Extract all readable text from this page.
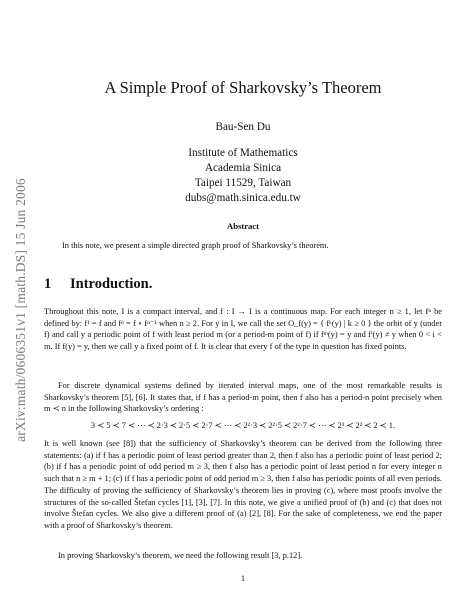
arXiv:math/0606351v1 [math.DS] 15 Jun 2006
A Simple Proof of Sharkovsky’s Theorem
Bau-Sen Du
Institute of Mathematics
Academia Sinica
Taipei 11529, Taiwan
dubs@math.sinica.edu.tw
Abstract
In this note, we present a simple directed graph proof of Sharkovsky’s theorem.
1 Introduction.

Throughout this note, I is a compact interval, and f : I → I is a continuous map. For each integer n ≥ 1, let fⁿ be defined by: f¹ = f and fⁿ = f ∘ fⁿ⁻¹ when n ≥ 2. For y in I, we call the set O_f(y) = { fᵏ(y) | k ≥ 0 } the orbit of y (under f) and call y a periodic point of f with least period m (or a period-m point of f) if fᵐ(y) = y and fⁱ(y) ≠ y when 0 < i < m. If f(y) = y, then we call y a fixed point of f. It is clear that every f of the type in question has fixed points.

For discrete dynamical systems defined by iterated interval maps, one of the most remarkable results is Sharkovsky’s theorem [5], [6]. It states that, if f has a period-m point, then f also has a period-n point precisely when m ≺ n in the following Sharkovsky’s ordering :

3 ≺ 5 ≺ 7 ≺ ⋯ ≺ 2·3 ≺ 2·5 ≺ 2·7 ≺ ⋯ ≺ 2²·3 ≺ 2²·5 ≺ 2²·7 ≺ ⋯ ≺ 2³ ≺ 2² ≺ 2 ≺ 1.

It is well known (see [8]) that the sufficiency of Sharkovsky’s theorem can be derived from the following three statements: (a) if f has a periodic point of least period greater than 2, then f also has a periodic point of least period 2; (b) if f has a periodic point of odd period m ≥ 3, then f also has a periodic point of least period n for every integer n such that n ≥ m + 1; (c) if f has a periodic point of odd period m ≥ 3, then f also has periodic points of all even periods. The difficulty of proving the sufficiency of Sharkovsky’s theorem lies in proving (c), where most proofs involve the structures of the so-called Štefan cycles [1], [3], [7]. In this note, we give a unified proof of (b) and (c) that does not involve Štefan cycles. We also give a different proof of (a) [2], [8]. For the sake of completeness, we end the paper with a proof of Sharkovsky’s theorem.

In proving Sharkovsky’s theorem, we need the following result [3, p.12].

1
